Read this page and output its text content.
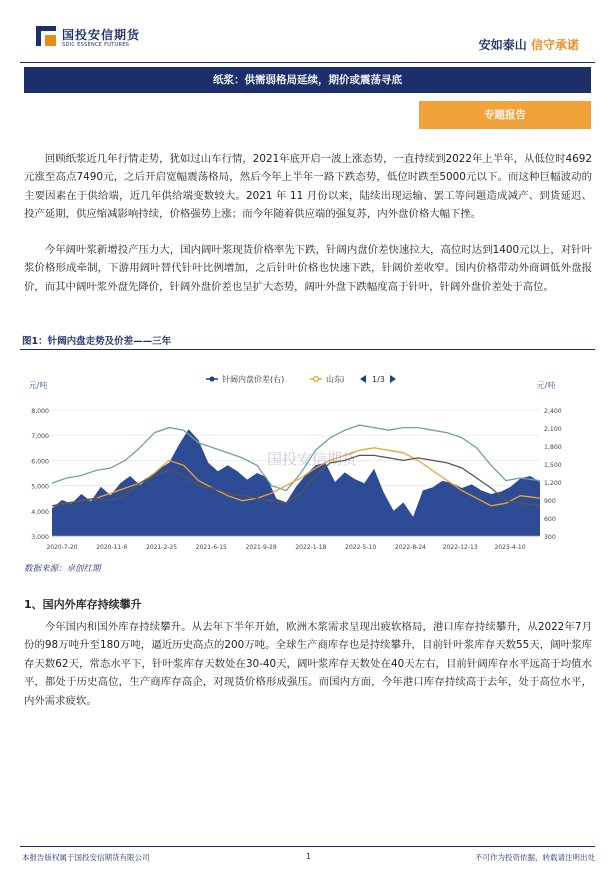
国投安信期货
SDIC ESSENCE FUTURES	安如泰山 信守承诺
纸浆：供需弱格局延续，期价或震荡寻底
专题报告

回顾纸浆近几年行情走势，犹如过山车行情，2021年底开启一波上涨态势，一直持续到2022年上半年，从低位时4692元涨至高点7490元，之后开启宽幅震荡格局，然后今年上半年一路下跌态势，低位时跌至5000元以下。而这种巨幅波动的主要因素在于供给端，近几年供给端变数较大。2021 年 11 月份以来，陆续出现运输、罢工等问题造成减产、到货延迟、投产延期，供应缩减影响持续，价格强势上涨；而今年随着供应端的强复苏，内外盘价格大幅下挫。

今年阔叶浆新增投产压力大，国内阔叶浆现货价格率先下跌，针阔内盘价差快速拉大，高位时达到1400元以上，对针叶浆价格形成牵制，下游用阔叶替代针叶比例增加，之后针叶价格也快速下跌，针阔价差收窄。国内价格带动外商调低外盘报价，而其中阔叶浆外盘先降价，针阔外盘价差也呈扩大态势，阔叶外盘下跌幅度高于针叶，针阔外盘价差处于高位。

图1：针阔内盘走势及价差——三年
8,000
7,000
6,000
5,000
4,000
3,000
2,400
2,100
1,800
1,500
1,200
900
600
300
2020-7-20	2020-11-6	2021-2-25	2021-6-15	2021-9-28	2022-1-18	2022-5-10	2022-8-24	2022-12-13	2023-4-10
国投安信期货
元/吨	元/吨
针阔内盘价差(右)	山东i	1/3
数据来源：卓创红期
1、国内外库存持续攀升

今年国内和国外库存持续攀升。从去年下半年开始，欧洲木浆需求呈现出疲软格局，港口库存持续攀升，从2022年7月份的98万吨升至180万吨，逼近历史高点的200万吨。全球生产商库存也是持续攀升，目前针叶浆库存天数55天，阔叶浆库存天数62天，常态水平下，针叶浆库存天数处在30-40天，阔叶浆库存天数处在40天左右，目前针阔库存水平远高于均值水平，都处于历史高位，生产商库存高企，对现货价格形成强压。而国内方面，今年港口库存持续高于去年，处于高位水平，内外需求疲软。

本报告版权属于国投安信期货有限公司	1	不可作为投资依据，转载请注明出处
